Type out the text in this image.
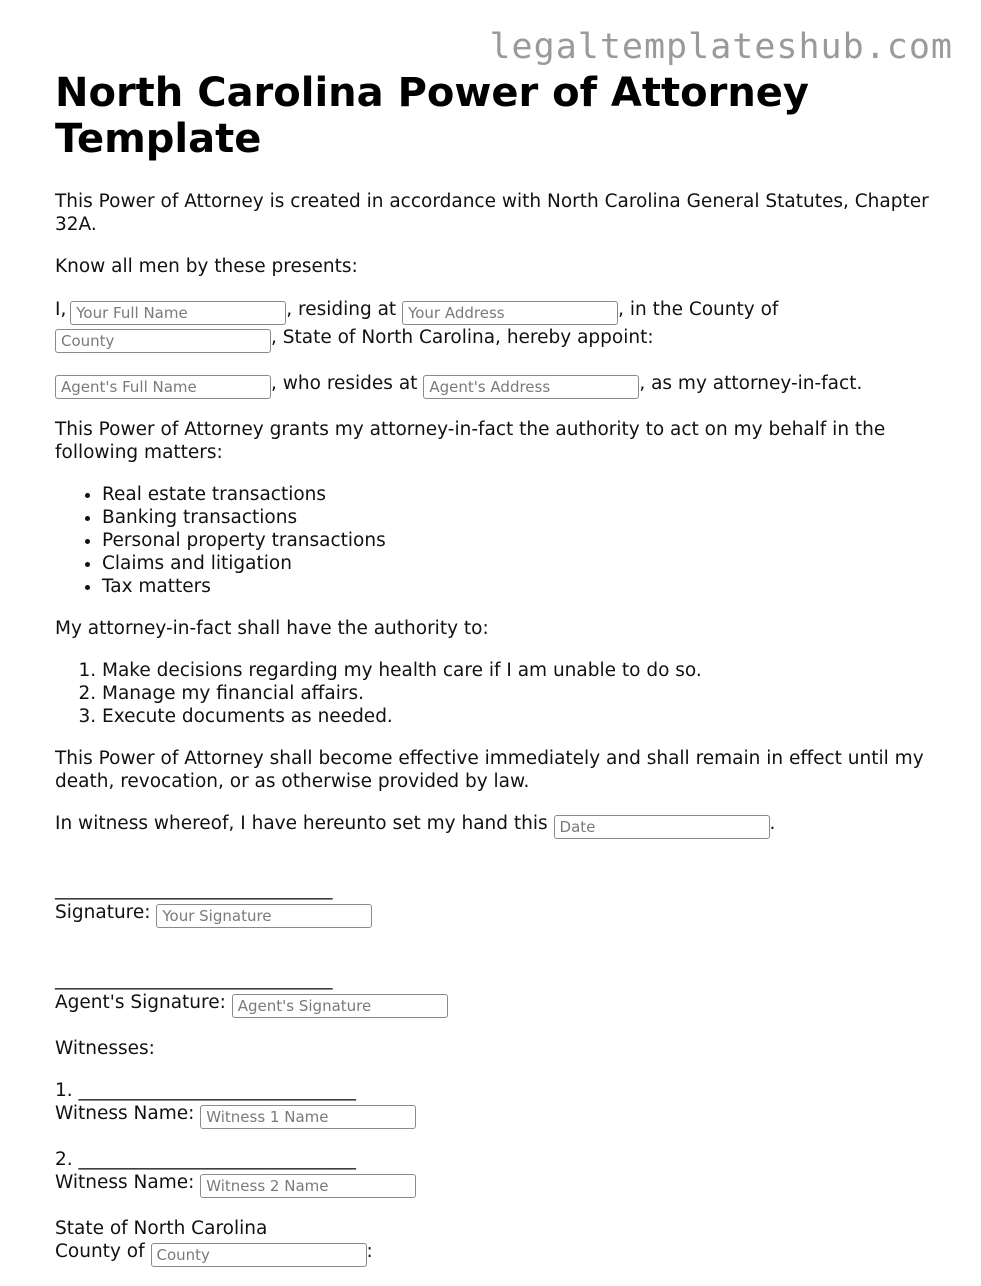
legaltemplateshub.com
North Carolina Power of Attorney Template

This Power of Attorney is created in accordance with North Carolina General Statutes, Chapter 32A.

Know all men by these presents:

I, Your Full Name	, residing at Your Address	, in the County of
County, State of North Carolina, hereby appoint:

Agent's Full Name, who resides at Agent's Address	, as my attorney-in-fact.

This Power of Attorney grants my attorney-in-fact the authority to act on my behalf in the following matters:

• Real estate transactions
• Banking transactions
• Personal property transactions
• Claims and litigation
• Tax matters

My attorney-in-fact shall have the authority to:

1. Make decisions regarding my health care if I am unable to do so.
2. Manage my financial affairs.
3. Execute documents as needed.

This Power of Attorney shall become effective immediately and shall remain in effect until my death, revocation, or as otherwise provided by law.

In witness whereof, I have hereunto set my hand this Date	.

______________________________
Signature: Your Signature
______________________________
Agent's Signature: Agent's Signature

Witnesses:

1. ______________________________
Witness Name: Witness 1 Name
2. ______________________________
Witness Name: Witness 2 Name
State of North Carolina
County of County	:
